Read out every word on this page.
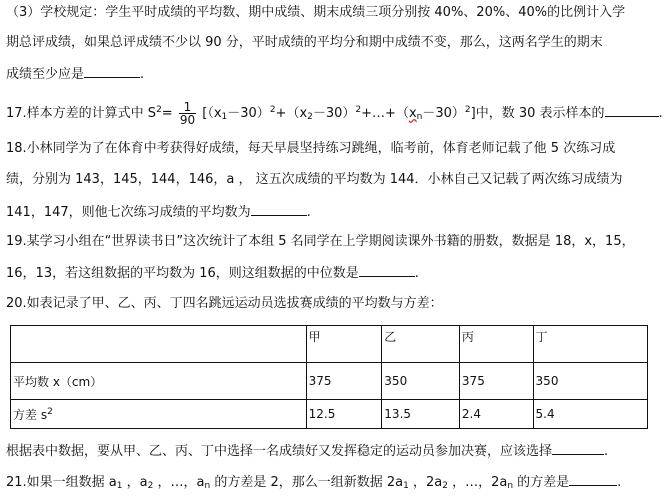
（3）学校规定：学生平时成绩的平均数、期中成绩、期末成绩三项分别按 40%、20%、40%的比例计入学
期总评成绩，如果总评成绩不少以 90 分，平时成绩的平均分和期中成绩不变，那么，这两名学生的期末
成绩至少应是	.
17.样本方差的计算式中 $S^2= \frac{1}{90}$ $[(x_1-30)^2+(x_2-30)^2+\dots+(x_n-30)^2]$中，数 30 表示样本的	.
18.小林同学为了在体育中考获得好成绩，每天早晨坚持练习跳绳，临考前，体育老师记载了他 5 次练习成
绩，分别为 143，145，144，146，a ， 这五次成绩的平均数为 144．小林自己又记载了两次练习成绩为
141，147，则他七次练习成绩的平均数为	.
19.某学习小组在“世界读书日”这次统计了本组 5 名同学在上学期阅读课外书籍的册数，数据是 18，x，15，
16，13，若这组数据的平均数为 16，则这组数据的中位数是	.
20.如表记录了甲、乙、丙、丁四名跳远运动员选拔赛成绩的平均数与方差：
	甲	乙	丙	丁
平均数 x（cm）	375	350	375	350
方差 $s^2$	12.5	13.5	2.4	5.4
根据表中数据，要从甲、乙、丙、丁中选择一名成绩好又发挥稳定的运动员参加决赛，应该选择	.
21.如果一组数据 $a_1$ ，$a_2$ ，…，$a_n$ 的方差是 2，那么一组新数据 $2a_1$ ，$2a_2$ ，…，$2a_n$ 的方差是	.
